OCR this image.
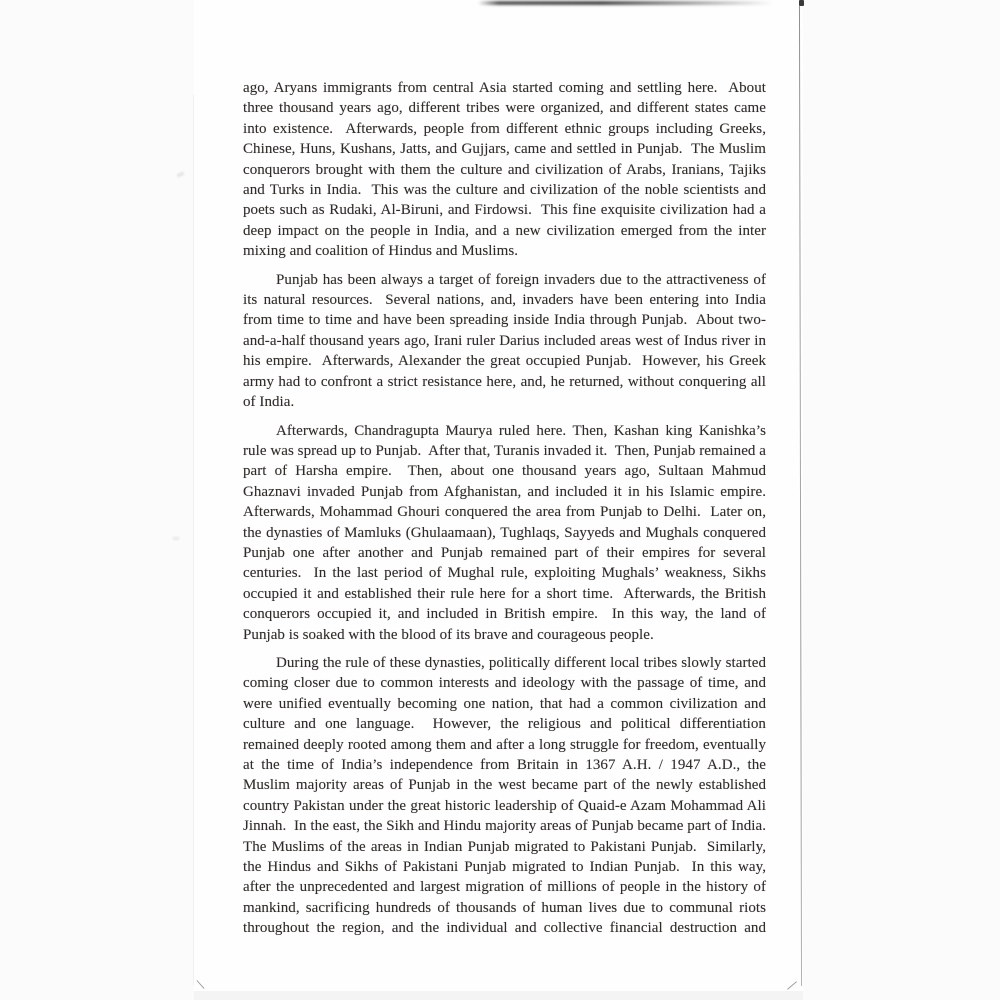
ago, Aryans immigrants from central Asia started coming and settling here.  About three thousand years ago, different tribes were organized, and different states came into existence.  Afterwards, people from different ethnic groups including Greeks, Chinese, Huns, Kushans, Jatts, and Gujjars, came and settled in Punjab.  The Muslim conquerors brought with them the culture and civilization of Arabs, Iranians, Tajiks and Turks in India.  This was the culture and civilization of the noble scientists and poets such as Rudaki, Al-Biruni, and Firdowsi.  This fine exquisite civilization had a deep impact on the people in India, and a new civilization emerged from the inter mixing and coalition of Hindus and Muslims.

Punjab has been always a target of foreign invaders due to the attractiveness of its natural resources.  Several nations, and, invaders have been entering into India from time to time and have been spreading inside India through Punjab.  About two-and-a-half thousand years ago, Irani ruler Darius included areas west of Indus river in his empire.  Afterwards, Alexander the great occupied Punjab.  However, his Greek army had to confront a strict resistance here, and, he returned, without conquering all of India.

Afterwards, Chandragupta Maurya ruled here. Then, Kashan king Kanishka’s rule was spread up to Punjab.  After that, Turanis invaded it.  Then, Punjab remained a part of Harsha empire.  Then, about one thousand years ago, Sultaan Mahmud Ghaznavi invaded Punjab from Afghanistan, and included it in his Islamic empire. Afterwards, Mohammad Ghouri conquered the area from Punjab to Delhi.  Later on, the dynasties of Mamluks (Ghulaamaan), Tughlaqs, Sayyeds and Mughals conquered Punjab one after another and Punjab remained part of their empires for several centuries.  In the last period of Mughal rule, exploiting Mughals’ weakness, Sikhs occupied it and established their rule here for a short time.  Afterwards, the British conquerors occupied it, and included in British empire.  In this way, the land of Punjab is soaked with the blood of its brave and courageous people.

During the rule of these dynasties, politically different local tribes slowly started coming closer due to common interests and ideology with the passage of time, and were unified eventually becoming one nation, that had a common civilization and culture and one language.  However, the religious and political differentiation remained deeply rooted among them and after a long struggle for freedom, eventually at the time of India’s independence from Britain in 1367 A.H. / 1947 A.D., the Muslim majority areas of Punjab in the west became part of the newly established country Pakistan under the great historic leadership of Quaid-e Azam Mohammad Ali Jinnah.  In the east, the Sikh and Hindu majority areas of Punjab became part of India. The Muslims of the areas in Indian Punjab migrated to Pakistani Punjab.  Similarly, the Hindus and Sikhs of Pakistani Punjab migrated to Indian Punjab.  In this way, after the unprecedented and largest migration of millions of people in the history of mankind, sacrificing hundreds of thousands of human lives due to communal riots throughout the region, and the individual and collective financial destruction and
